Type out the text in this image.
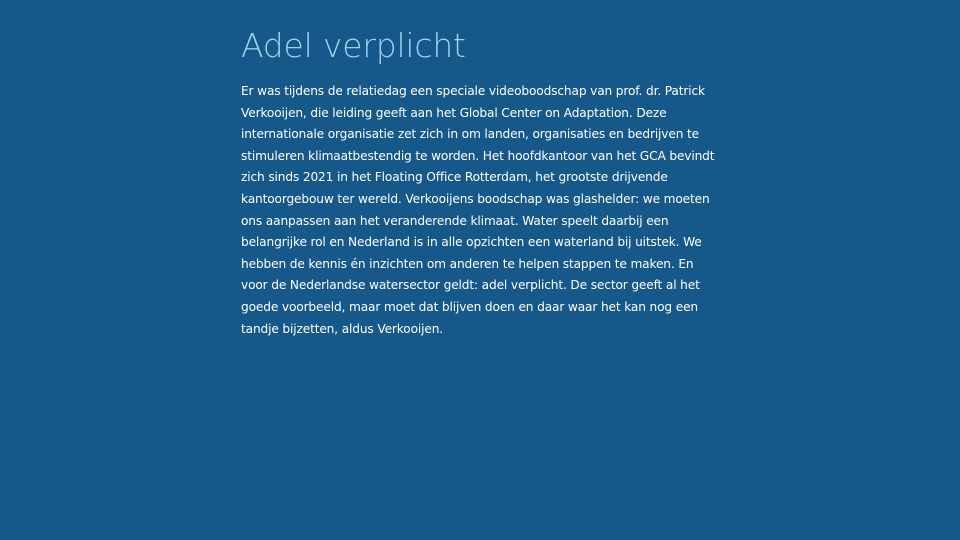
Adel verplicht

Er was tijdens de relatiedag een speciale videoboodschap van prof. dr. Patrick Verkooijen, die leiding geeft aan het Global Center on Adaptation. Deze internationale organisatie zet zich in om landen, organisaties en bedrijven te stimuleren klimaatbestendig te worden. Het hoofdkantoor van het GCA bevindt zich sinds 2021 in het Floating Office Rotterdam, het grootste drijvende kantoorgebouw ter wereld. Verkooijens boodschap was glashelder: we moeten ons aanpassen aan het veranderende klimaat. Water speelt daarbij een belangrijke rol en Nederland is in alle opzichten een waterland bij uitstek. We hebben de kennis én inzichten om anderen te helpen stappen te maken. En voor de Nederlandse watersector geldt: adel verplicht. De sector geeft al het goede voorbeeld, maar moet dat blijven doen en daar waar het kan nog een tandje bijzetten, aldus Verkooijen.
